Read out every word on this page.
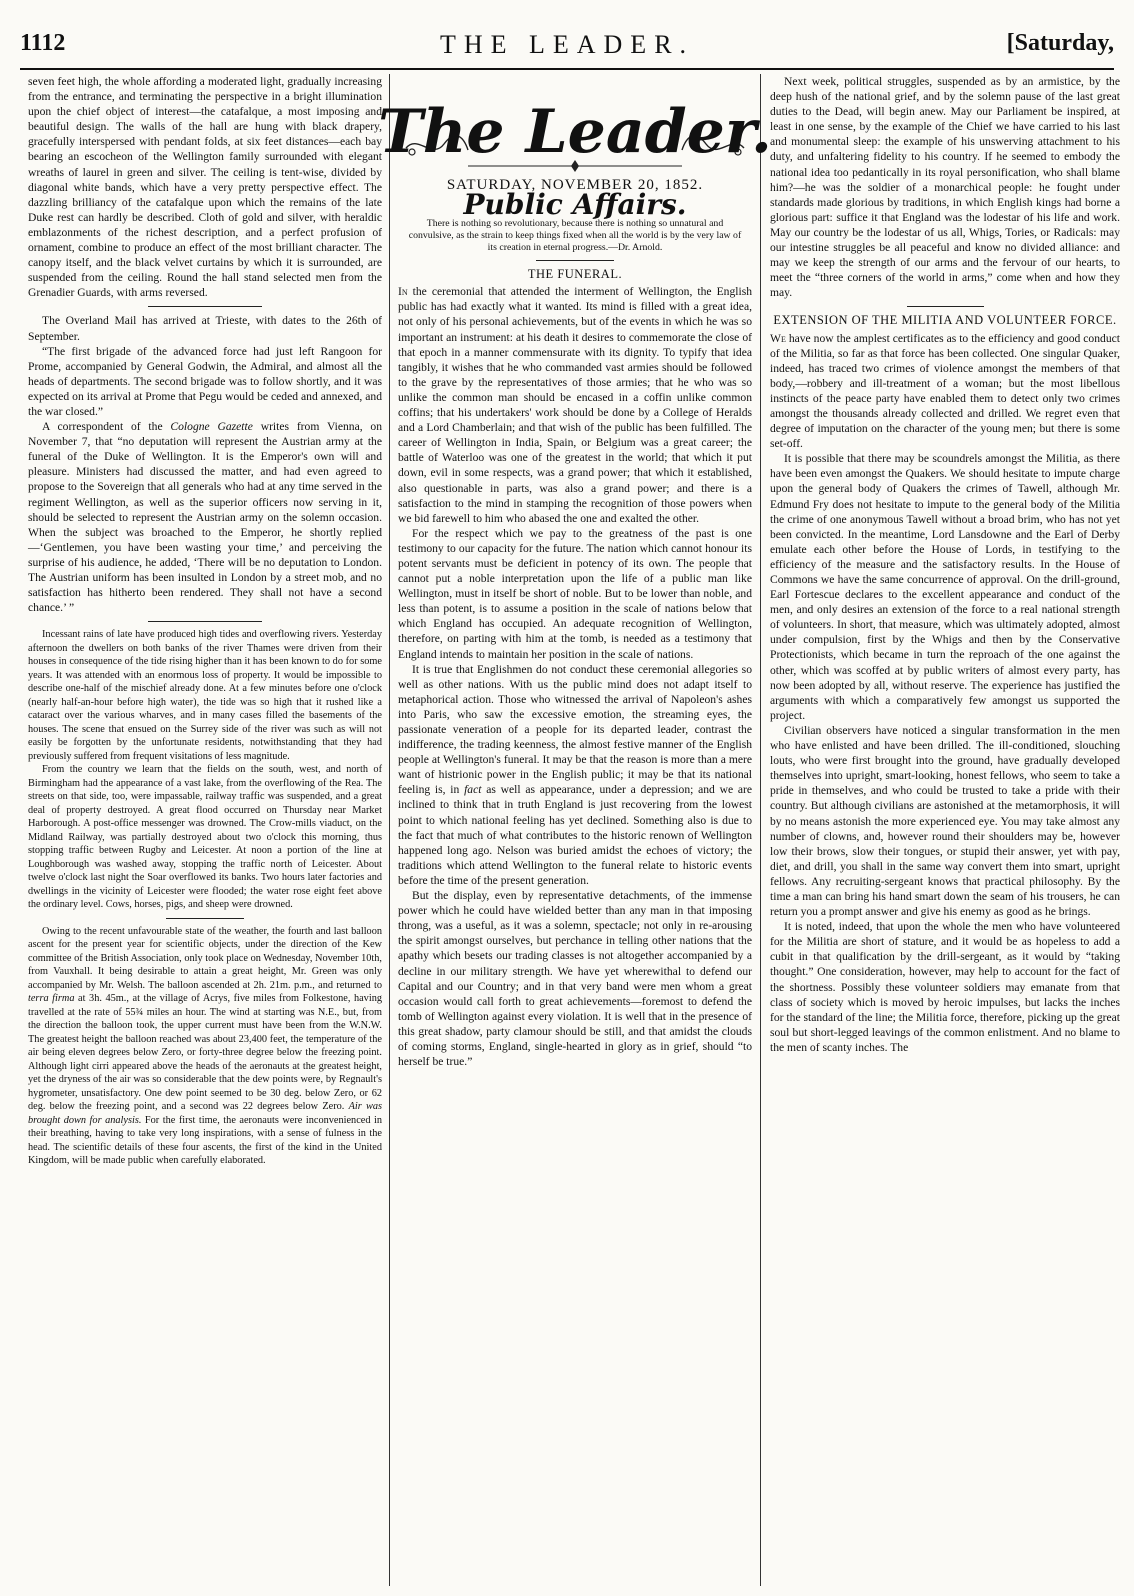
1112	THE LEADER.	[Saturday,

seven feet high, the whole affording a moderated light, gradually increasing from the entrance, and terminating the perspective in a bright illumination upon the chief object of interest—the catafalque, a most imposing and beautiful design. The walls of the hall are hung with black drapery, gracefully interspersed with pendant folds, at six feet distances—each bay bearing an escocheon of the Wellington family surrounded with elegant wreaths of laurel in green and silver. The ceiling is tent-wise, divided by diagonal white bands, which have a very pretty perspective effect. The dazzling brilliancy of the catafalque upon which the remains of the late Duke rest can hardly be described. Cloth of gold and silver, with heraldic emblazonments of the richest description, and a perfect profusion of ornament, combine to produce an effect of the most brilliant character. The canopy itself, and the black velvet curtains by which it is surrounded, are suspended from the ceiling. Round the hall stand selected men from the Grenadier Guards, with arms reversed.

The Overland Mail has arrived at Trieste, with dates to the 26th of September.

“The first brigade of the advanced force had just left Rangoon for Prome, accompanied by General Godwin, the Admiral, and almost all the heads of departments. The second brigade was to follow shortly, and it was expected on its arrival at Prome that Pegu would be ceded and annexed, and the war closed.”

A correspondent of the Cologne Gazette writes from Vienna, on November 7, that “no deputation will represent the Austrian army at the funeral of the Duke of Wellington. It is the Emperor's own will and pleasure. Ministers had discussed the matter, and had even agreed to propose to the Sovereign that all generals who had at any time served in the regiment Wellington, as well as the superior officers now serving in it, should be selected to represent the Austrian army on the solemn occasion. When the subject was broached to the Emperor, he shortly replied—‘Gentlemen, you have been wasting your time,’ and perceiving the surprise of his audience, he added, ‘There will be no deputation to London. The Austrian uniform has been insulted in London by a street mob, and no satisfaction has hitherto been rendered. They shall not have a second chance.’ ”

Incessant rains of late have produced high tides and overflowing rivers. Yesterday afternoon the dwellers on both banks of the river Thames were driven from their houses in consequence of the tide rising higher than it has been known to do for some years. It was attended with an enormous loss of property. It would be impossible to describe one-half of the mischief already done. At a few minutes before one o'clock (nearly half-an-hour before high water), the tide was so high that it rushed like a cataract over the various wharves, and in many cases filled the basements of the houses. The scene that ensued on the Surrey side of the river was such as will not easily be forgotten by the unfortunate residents, notwithstanding that they had previously suffered from frequent visitations of less magnitude.

From the country we learn that the fields on the south, west, and north of Birmingham had the appearance of a vast lake, from the overflowing of the Rea. The streets on that side, too, were impassable, railway traffic was suspended, and a great deal of property destroyed. A great flood occurred on Thursday near Market Harborough. A post-office messenger was drowned. The Crow-mills viaduct, on the Midland Railway, was partially destroyed about two o'clock this morning, thus stopping traffic between Rugby and Leicester. At noon a portion of the line at Loughborough was washed away, stopping the traffic north of Leicester. About twelve o'clock last night the Soar overflowed its banks. Two hours later factories and dwellings in the vicinity of Leicester were flooded; the water rose eight feet above the ordinary level. Cows, horses, pigs, and sheep were drowned.

Owing to the recent unfavourable state of the weather, the fourth and last balloon ascent for the present year for scientific objects, under the direction of the Kew committee of the British Association, only took place on Wednesday, November 10th, from Vauxhall. It being desirable to attain a great height, Mr. Green was only accompanied by Mr. Welsh. The balloon ascended at 2h. 21m. p.m., and returned to terra firma at 3h. 45m., at the village of Acrys, five miles from Folkestone, having travelled at the rate of 55¾ miles an hour. The wind at starting was N.E., but, from the direction the balloon took, the upper current must have been from the W.N.W. The greatest height the balloon reached was about 23,400 feet, the temperature of the air being eleven degrees below Zero, or forty-three degree below the freezing point. Although light cirri appeared above the heads of the aeronauts at the greatest height, yet the dryness of the air was so considerable that the dew points were, by Regnault's hygrometer, unsatisfactory. One dew point seemed to be 30 deg. below Zero, or 62 deg. below the freezing point, and a second was 22 degrees below Zero. Air was brought down for analysis. For the first time, the aeronauts were inconvenienced in their breathing, having to take very long inspirations, with a sense of fulness in the head. The scientific details of these four ascents, the first of the kind in the United Kingdom, will be made public when carefully elaborated.

The Leader.
SATURDAY, NOVEMBER 20, 1852.
Public Affairs.
There is nothing so revolutionary, because there is nothing so unnatural and convulsive, as the strain to keep things fixed when all the world is by the very law of its creation in eternal progress.—Dr. Arnold.
THE FUNERAL.

In the ceremonial that attended the interment of Wellington, the English public has had exactly what it wanted. Its mind is filled with a great idea, not only of his personal achievements, but of the events in which he was so important an instrument: at his death it desires to commemorate the close of that epoch in a manner commensurate with its dignity. To typify that idea tangibly, it wishes that he who commanded vast armies should be followed to the grave by the representatives of those armies; that he who was so unlike the common man should be encased in a coffin unlike common coffins; that his undertakers' work should be done by a College of Heralds and a Lord Chamberlain; and that wish of the public has been fulfilled. The career of Wellington in India, Spain, or Belgium was a great career; the battle of Waterloo was one of the greatest in the world; that which it put down, evil in some respects, was a grand power; that which it established, also questionable in parts, was also a grand power; and there is a satisfaction to the mind in stamping the recognition of those powers when we bid farewell to him who abased the one and exalted the other.

For the respect which we pay to the greatness of the past is one testimony to our capacity for the future. The nation which cannot honour its potent servants must be deficient in potency of its own. The people that cannot put a noble interpretation upon the life of a public man like Wellington, must in itself be short of noble. But to be lower than noble, and less than potent, is to assume a position in the scale of nations below that which England has occupied. An adequate recognition of Wellington, therefore, on parting with him at the tomb, is needed as a testimony that England intends to maintain her position in the scale of nations.

It is true that Englishmen do not conduct these ceremonial allegories so well as other nations. With us the public mind does not adapt itself to metaphorical action. Those who witnessed the arrival of Napoleon's ashes into Paris, who saw the excessive emotion, the streaming eyes, the passionate veneration of a people for its departed leader, contrast the indifference, the trading keenness, the almost festive manner of the English people at Wellington's funeral. It may be that the reason is more than a mere want of histrionic power in the English public; it may be that its national feeling is, in fact as well as appearance, under a depression; and we are inclined to think that in truth England is just recovering from the lowest point to which national feeling has yet declined. Something also is due to the fact that much of what contributes to the historic renown of Wellington happened long ago. Nelson was buried amidst the echoes of victory; the traditions which attend Wellington to the funeral relate to historic events before the time of the present generation.

But the display, even by representative detachments, of the immense power which he could have wielded better than any man in that imposing throng, was a useful, as it was a solemn, spectacle; not only in re-arousing the spirit amongst ourselves, but perchance in telling other nations that the apathy which besets our trading classes is not altogether accompanied by a decline in our military strength. We have yet wherewithal to defend our Capital and our Country; and in that very band were men whom a great occasion would call forth to great achievements—foremost to defend the tomb of Wellington against every violation. It is well that in the presence of this great shadow, party clamour should be still, and that amidst the clouds of coming storms, England, single-hearted in glory as in grief, should “to herself be true.”

Next week, political struggles, suspended as by an armistice, by the deep hush of the national grief, and by the solemn pause of the last great duties to the Dead, will begin anew. May our Parliament be inspired, at least in one sense, by the example of the Chief we have carried to his last and monumental sleep: the example of his unswerving attachment to his duty, and unfaltering fidelity to his country. If he seemed to embody the national idea too pedantically in its royal personification, who shall blame him?—he was the soldier of a monarchical people: he fought under standards made glorious by traditions, in which English kings had borne a glorious part: suffice it that England was the lodestar of his life and work. May our country be the lodestar of us all, Whigs, Tories, or Radicals: may our intestine struggles be all peaceful and know no divided alliance: and may we keep the strength of our arms and the fervour of our hearts, to meet the “three corners of the world in arms,” come when and how they may.

EXTENSION OF THE MILITIA AND VOLUNTEER FORCE.

We have now the amplest certificates as to the efficiency and good conduct of the Militia, so far as that force has been collected. One singular Quaker, indeed, has traced two crimes of violence amongst the members of that body,—robbery and ill-treatment of a woman; but the most libellous instincts of the peace party have enabled them to detect only two crimes amongst the thousands already collected and drilled. We regret even that degree of imputation on the character of the young men; but there is some set-off.

It is possible that there may be scoundrels amongst the Militia, as there have been even amongst the Quakers. We should hesitate to impute charge upon the general body of Quakers the crimes of Tawell, although Mr. Edmund Fry does not hesitate to impute to the general body of the Militia the crime of one anonymous Tawell without a broad brim, who has not yet been convicted. In the meantime, Lord Lansdowne and the Earl of Derby emulate each other before the House of Lords, in testifying to the efficiency of the measure and the satisfactory results. In the House of Commons we have the same concurrence of approval. On the drill-ground, Earl Fortescue declares to the excellent appearance and conduct of the men, and only desires an extension of the force to a real national strength of volunteers. In short, that measure, which was ultimately adopted, almost under compulsion, first by the Whigs and then by the Conservative Protectionists, which became in turn the reproach of the one against the other, which was scoffed at by public writers of almost every party, has now been adopted by all, without reserve. The experience has justified the arguments with which a comparatively few amongst us supported the project.

Civilian observers have noticed a singular transformation in the men who have enlisted and have been drilled. The ill-conditioned, slouching louts, who were first brought into the ground, have gradually developed themselves into upright, smart-looking, honest fellows, who seem to take a pride in themselves, and who could be trusted to take a pride with their country. But although civilians are astonished at the metamorphosis, it will by no means astonish the more experienced eye. You may take almost any number of clowns, and, however round their shoulders may be, however low their brows, slow their tongues, or stupid their answer, yet with pay, diet, and drill, you shall in the same way convert them into smart, upright fellows. Any recruiting-sergeant knows that practical philosophy. By the time a man can bring his hand smart down the seam of his trousers, he can return you a prompt answer and give his enemy as good as he brings.

It is noted, indeed, that upon the whole the men who have volunteered for the Militia are short of stature, and it would be as hopeless to add a cubit in that qualification by the drill-sergeant, as it would by “taking thought.” One consideration, however, may help to account for the fact of the shortness. Possibly these volunteer soldiers may emanate from that class of society which is moved by heroic impulses, but lacks the inches for the standard of the line; the Militia force, therefore, picking up the great soul but short-legged leavings of the common enlistment. And no blame to the men of scanty inches. The
